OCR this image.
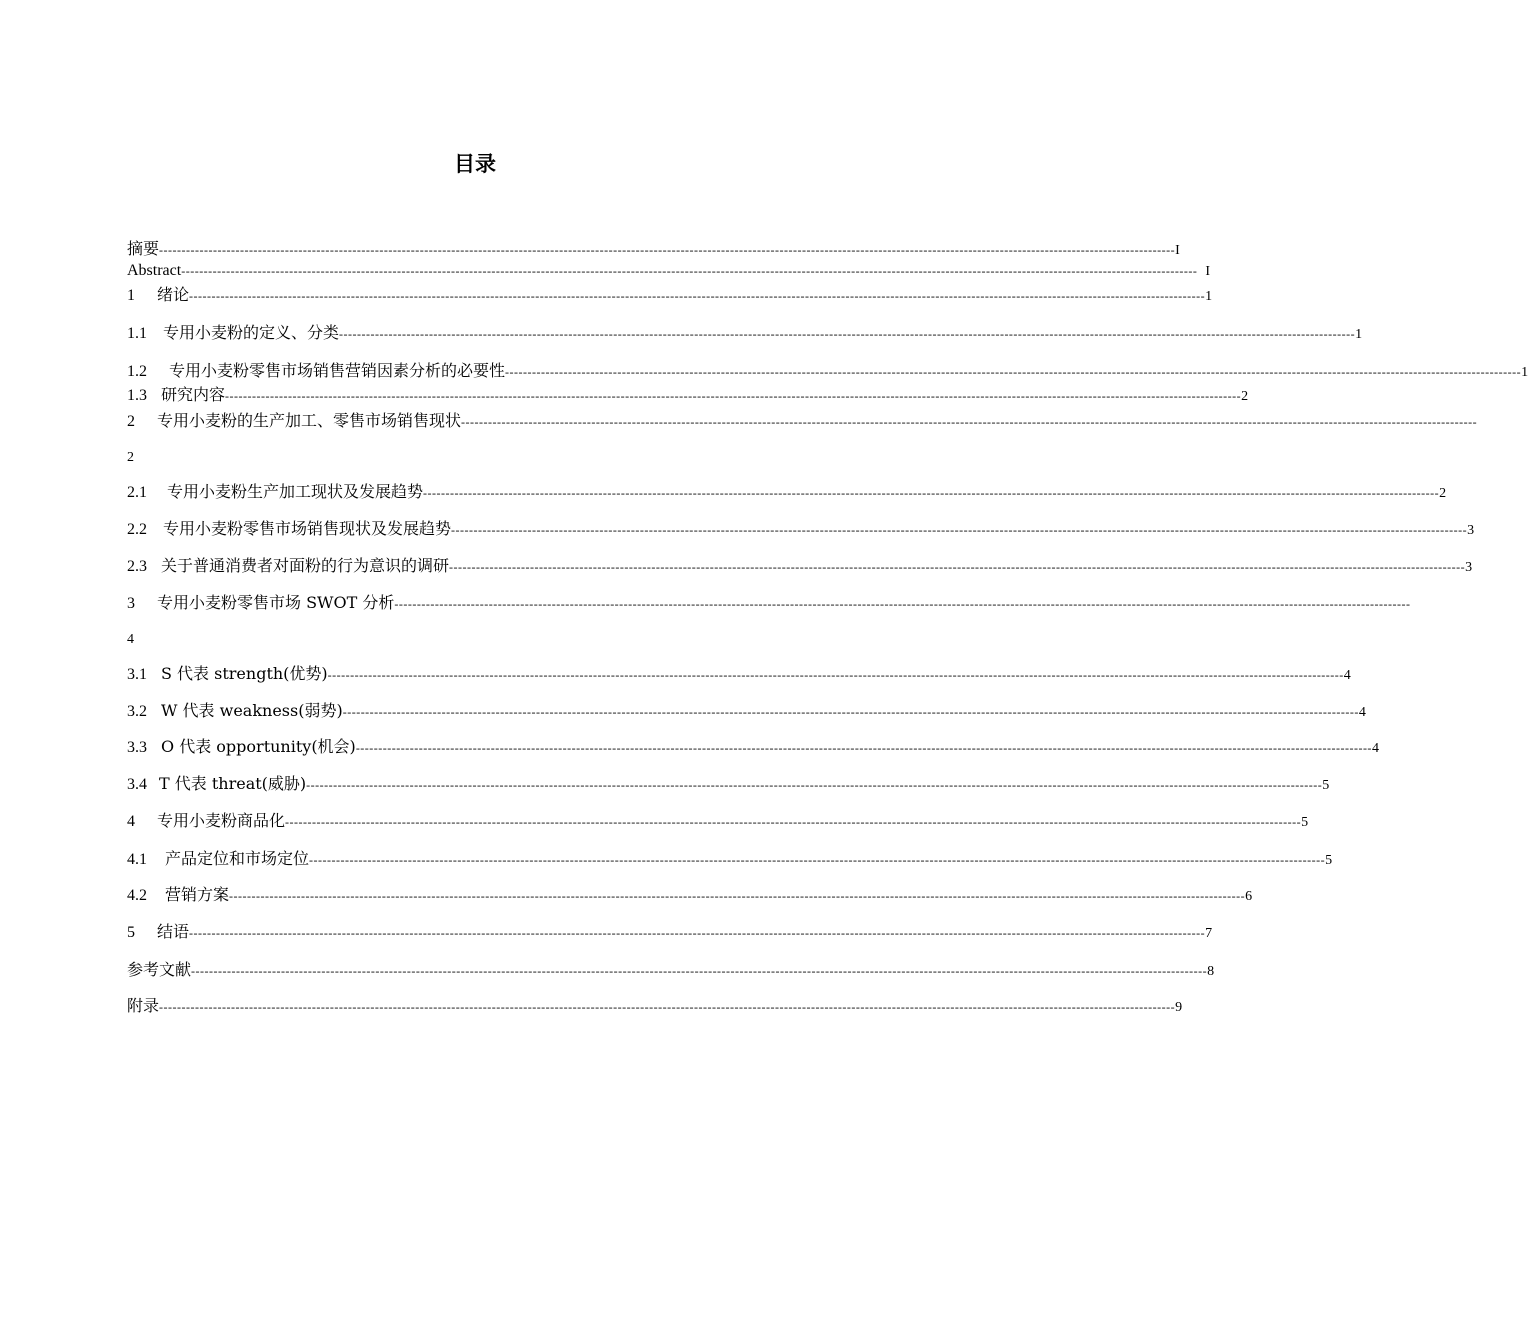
目录
摘要 ---------------------------------------------------------------------------------------------------------------------------------------------------------------------------------------------------------------------------------- I
Abstract ---------------------------------------------------------------------------------------------------------------------------------------------------------------------------------------------------------------------------------- I
1 绪论 ---------------------------------------------------------------------------------------------------------------------------------------------------------------------------------------------------------------------------------- 1
1.1 专用小麦粉的定义、分类 ---------------------------------------------------------------------------------------------------------------------------------------------------------------------------------------------------------------------------------- 1
1.2 专用小麦粉零售市场销售营销因素分析的必要性 ---------------------------------------------------------------------------------------------------------------------------------------------------------------------------------------------------------------------------------- 1
1.3 研究内容 ---------------------------------------------------------------------------------------------------------------------------------------------------------------------------------------------------------------------------------- 2
2 专用小麦粉的生产加工、零售市场销售现状 ----------------------------------------------------------------------------------------------------------------------------------------------------------------------------------------------------------------------------------
2
2.1 专用小麦粉生产加工现状及发展趋势 ---------------------------------------------------------------------------------------------------------------------------------------------------------------------------------------------------------------------------------- 2
2.2 专用小麦粉零售市场销售现状及发展趋势 ---------------------------------------------------------------------------------------------------------------------------------------------------------------------------------------------------------------------------------- 3
2.3 关于普通消费者对面粉的行为意识的调研 ---------------------------------------------------------------------------------------------------------------------------------------------------------------------------------------------------------------------------------- 3
3 专用小麦粉零售市场 SWOT 分析 ----------------------------------------------------------------------------------------------------------------------------------------------------------------------------------------------------------------------------------
4
3.1 S 代表 strength(优势) ---------------------------------------------------------------------------------------------------------------------------------------------------------------------------------------------------------------------------------- 4
3.2 W 代表 weakness(弱势) ---------------------------------------------------------------------------------------------------------------------------------------------------------------------------------------------------------------------------------- 4
3.3 O 代表 opportunity(机会) ---------------------------------------------------------------------------------------------------------------------------------------------------------------------------------------------------------------------------------- 4
3.4 T 代表 threat(威胁) ---------------------------------------------------------------------------------------------------------------------------------------------------------------------------------------------------------------------------------- 5
4 专用小麦粉商品化 ---------------------------------------------------------------------------------------------------------------------------------------------------------------------------------------------------------------------------------- 5
4.1 产品定位和市场定位 ---------------------------------------------------------------------------------------------------------------------------------------------------------------------------------------------------------------------------------- 5
4.2 营销方案 ---------------------------------------------------------------------------------------------------------------------------------------------------------------------------------------------------------------------------------- 6
5 结语 ---------------------------------------------------------------------------------------------------------------------------------------------------------------------------------------------------------------------------------- 7
参考文献 ---------------------------------------------------------------------------------------------------------------------------------------------------------------------------------------------------------------------------------- 8
附录 ---------------------------------------------------------------------------------------------------------------------------------------------------------------------------------------------------------------------------------- 9
